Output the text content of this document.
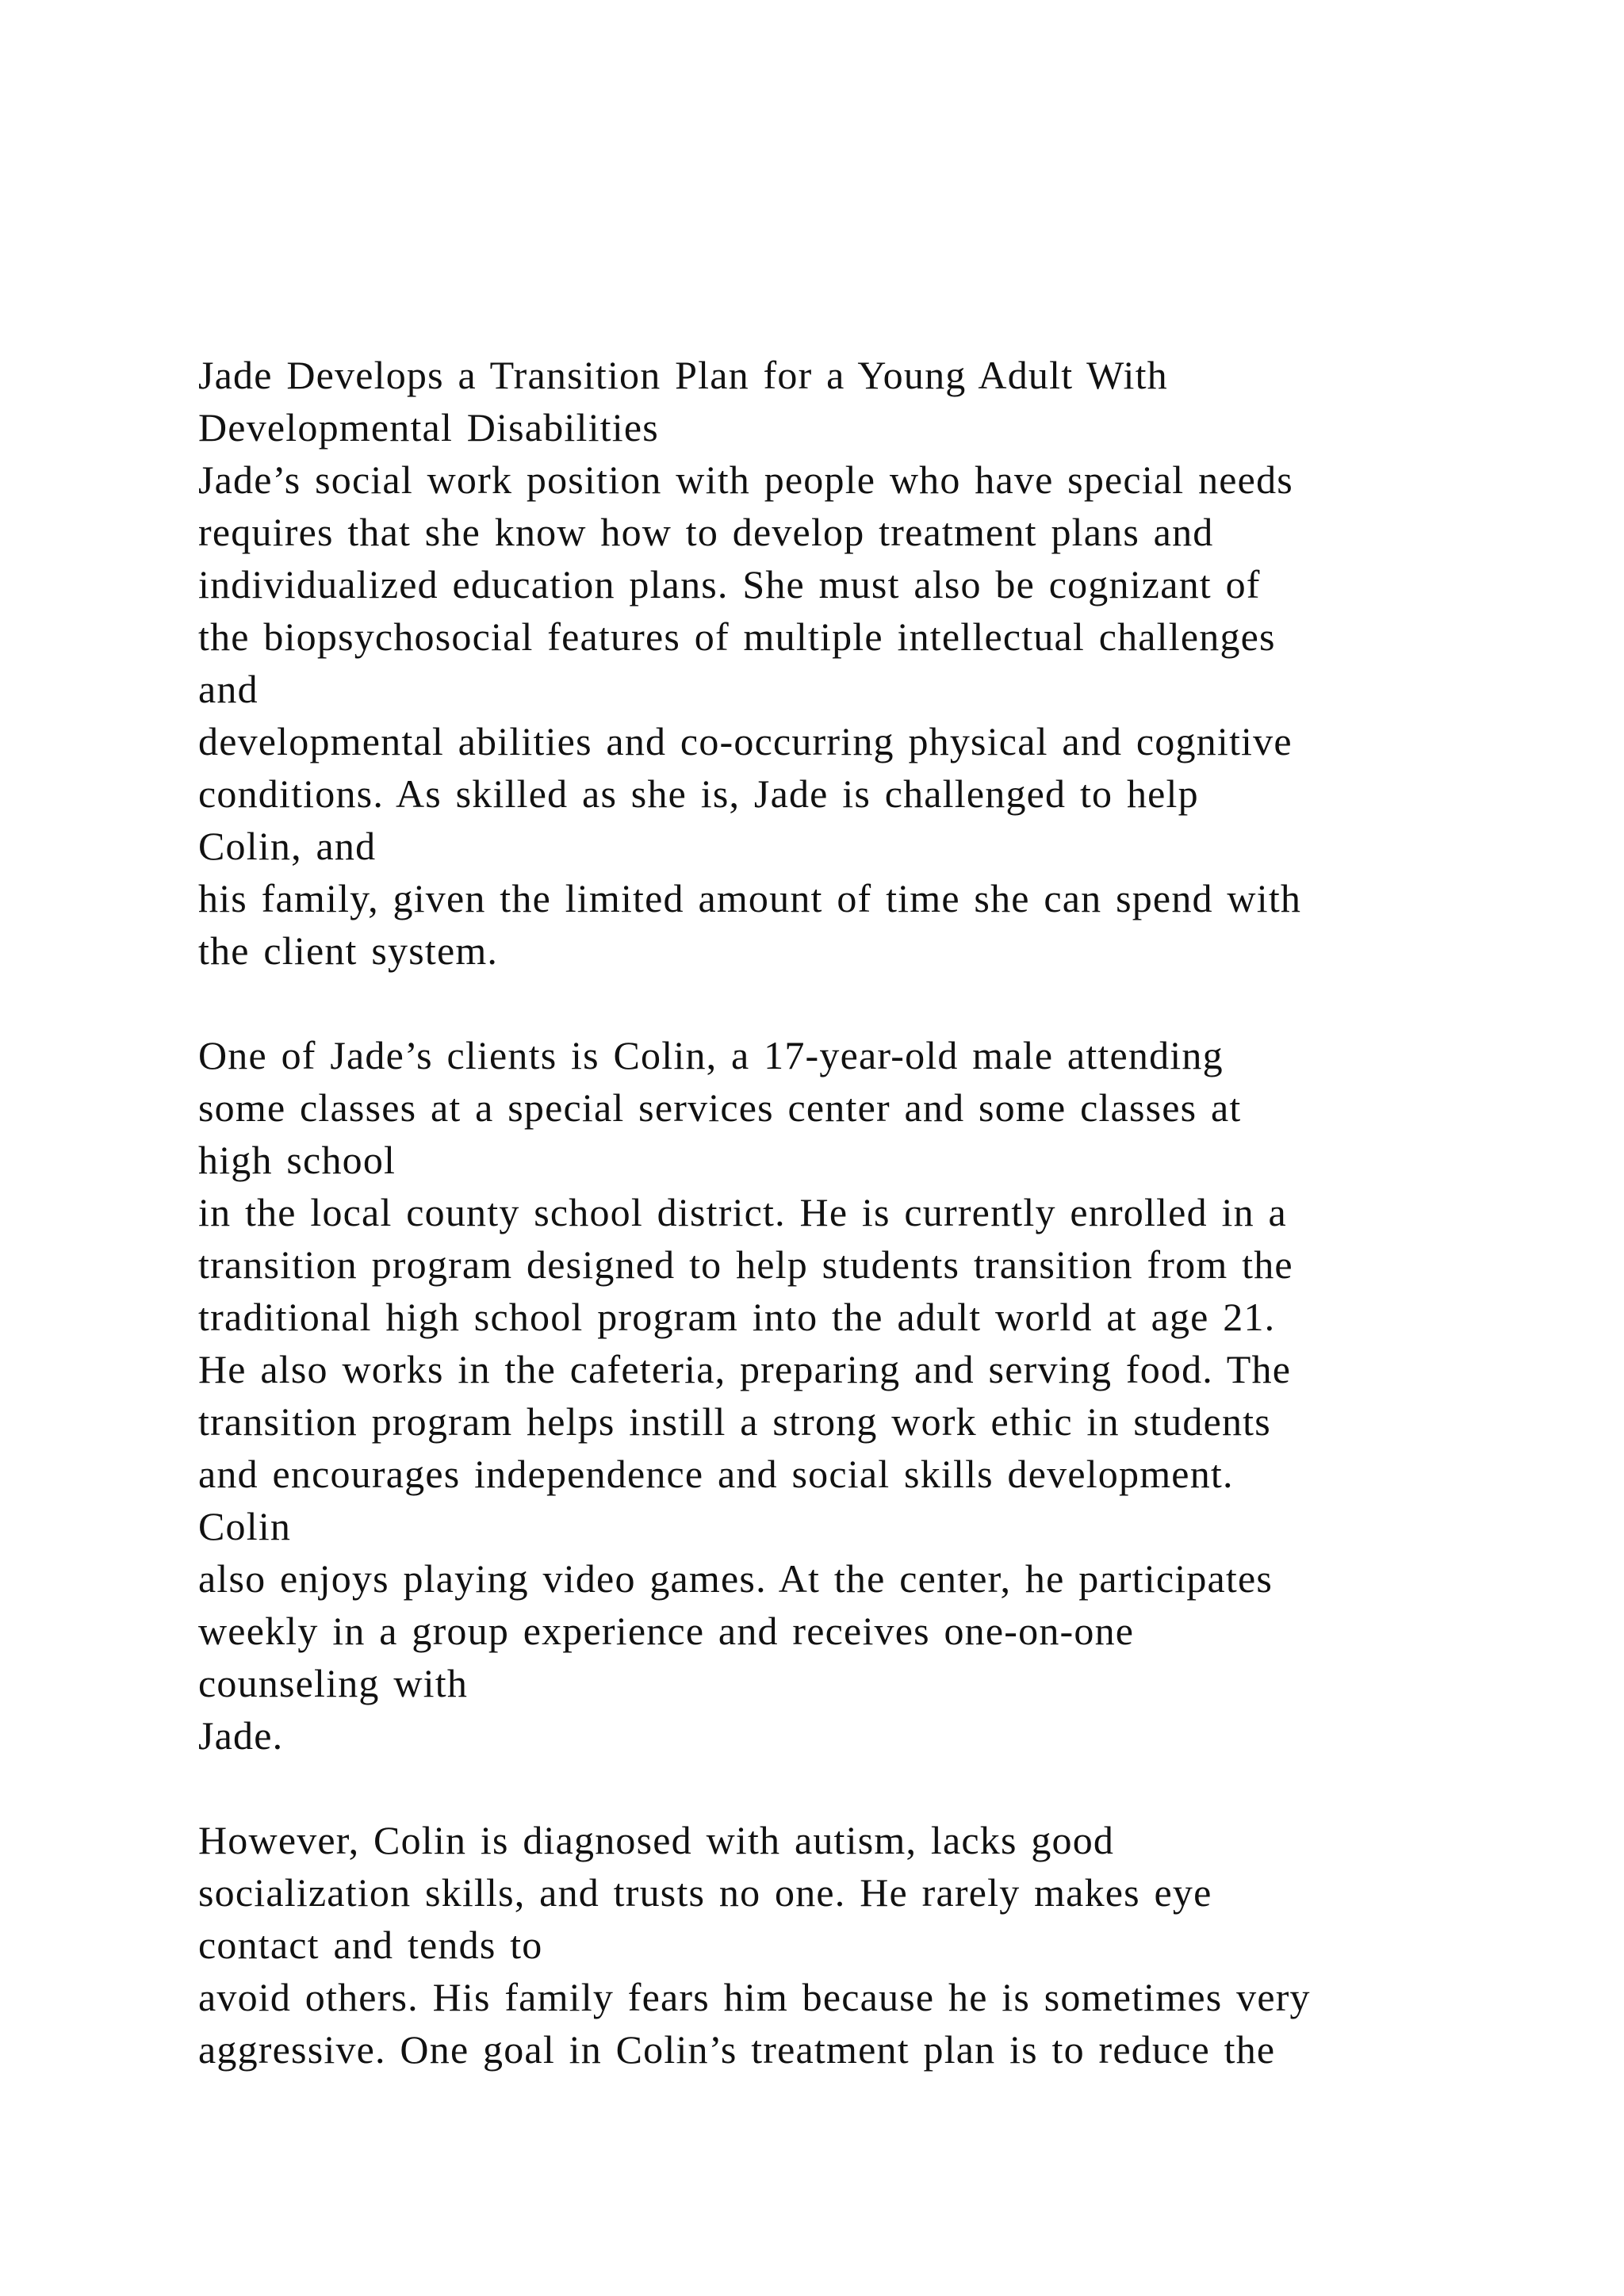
Jade Develops a Transition Plan for a Young Adult With
Developmental Disabilities
Jade’s social work position with people who have special needs
requires that she know how to develop treatment plans and
individualized education plans. She must also be cognizant of
the biopsychosocial features of multiple intellectual challenges
and
developmental abilities and co-occurring physical and cognitive
conditions. As skilled as she is, Jade is challenged to help
Colin, and
his family, given the limited amount of time she can spend with
the client system.
One of Jade’s clients is Colin, a 17-year-old male attending
some classes at a special services center and some classes at
high school
in the local county school district. He is currently enrolled in a
transition program designed to help students transition from the
traditional high school program into the adult world at age 21.
He also works in the cafeteria, preparing and serving food. The
transition program helps instill a strong work ethic in students
and encourages independence and social skills development.
Colin
also enjoys playing video games. At the center, he participates
weekly in a group experience and receives one-on-one
counseling with
Jade.
However, Colin is diagnosed with autism, lacks good
socialization skills, and trusts no one. He rarely makes eye
contact and tends to
avoid others. His family fears him because he is sometimes very
aggressive. One goal in Colin’s treatment plan is to reduce the
